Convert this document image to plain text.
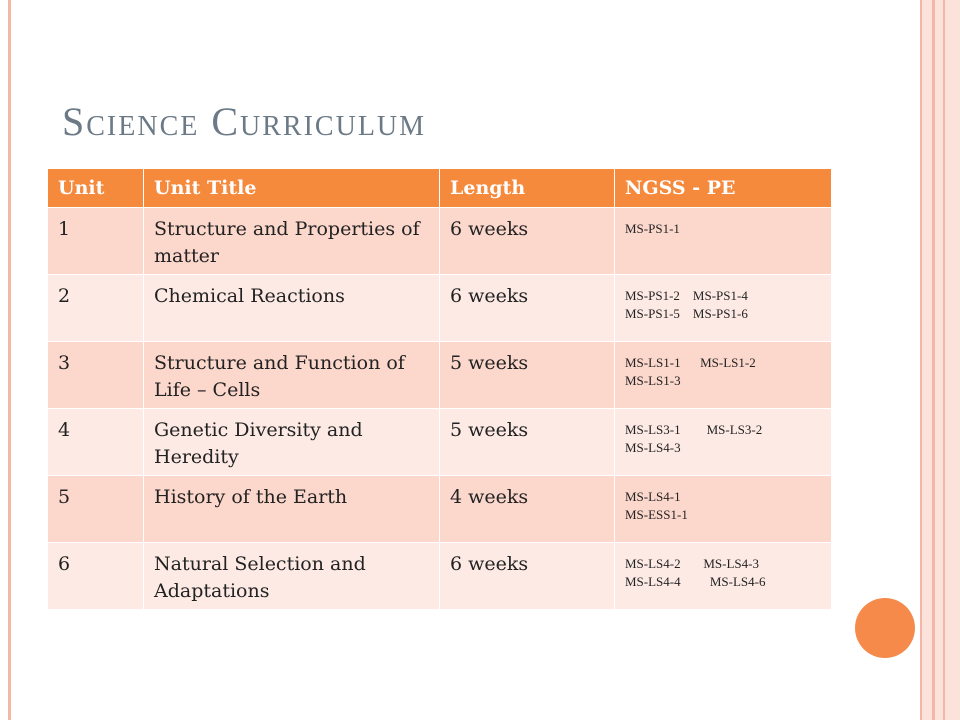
Science Curriculum
Unit	Unit Title	Length	NGSS - PE
1	Structure and Properties of matter	6 weeks	MS-PS1-1
2	Chemical Reactions	6 weeks	MS-PS1-2    MS-PS1-4
MS-PS1-5    MS-PS1-6
3	Structure and Function of Life – Cells	5 weeks	MS-LS1-1      MS-LS1-2
MS-LS1-3
4	Genetic Diversity and Heredity	5 weeks	MS-LS3-1        MS-LS3-2
MS-LS4-3
5	History of the Earth	4 weeks	MS-LS4-1
MS-ESS1-1
6	Natural Selection and Adaptations	6 weeks	MS-LS4-2       MS-LS4-3
MS-LS4-4         MS-LS4-6
